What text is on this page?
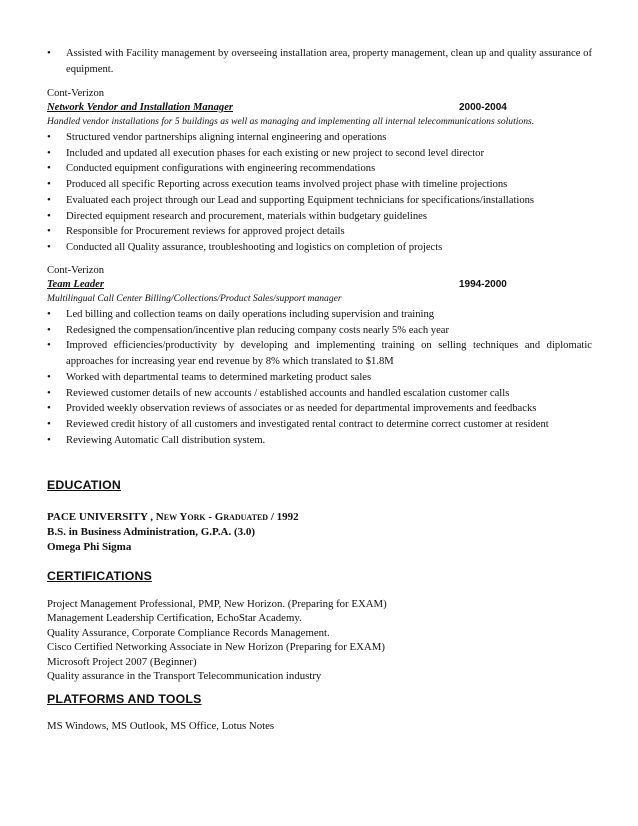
• Assisted with Facility management by overseeing installation area, property management, clean up and quality assurance of equipment.
Cont-Verizon
Network Vendor and Installation Manager	2000-2004
Handled vendor installations for 5 buildings as well as managing and implementing all internal telecommunications solutions.
• Structured vendor partnerships aligning internal engineering and operations
• Included and updated all execution phases for each existing or new project to second level director
• Conducted equipment configurations with engineering recommendations
• Produced all specific Reporting across execution teams involved project phase with timeline projections
• Evaluated each project through our Lead and supporting Equipment technicians for specifications/installations
• Directed equipment research and procurement, materials within budgetary guidelines
• Responsible for Procurement reviews for approved project details
• Conducted all Quality assurance, troubleshooting and logistics on completion of projects
Cont-Verizon
Team Leader	1994-2000
Multilingual Call Center Billing/Collections/Product Sales/support manager
• Led billing and collection teams on daily operations including supervision and training
• Redesigned the compensation/incentive plan reducing company costs nearly 5% each year
• Improved efficiencies/productivity by developing and implementing training on selling techniques and diplomatic approaches for increasing year end revenue by 8% which translated to $1.8M
• Worked with departmental teams to determined marketing product sales
• Reviewed customer details of new accounts / established accounts and handled escalation customer calls
• Provided weekly observation reviews of associates or as needed for departmental improvements and feedbacks
• Reviewed credit history of all customers and investigated rental contract to determine correct customer at resident
• Reviewing Automatic Call distribution system.
EDUCATION
PACE UNIVERSITY , New York - Graduated / 1992
B.S. in Business Administration, G.P.A. (3.0)
Omega Phi Sigma
CERTIFICATIONS
Project Management Professional, PMP, New Horizon. (Preparing for EXAM)
Management Leadership Certification, EchoStar Academy.
Quality Assurance, Corporate Compliance Records Management.
Cisco Certified Networking Associate in New Horizon (Preparing for EXAM)
Microsoft Project 2007 (Beginner)
Quality assurance in the Transport Telecommunication industry
PLATFORMS AND TOOLS
MS Windows, MS Outlook, MS Office, Lotus Notes
